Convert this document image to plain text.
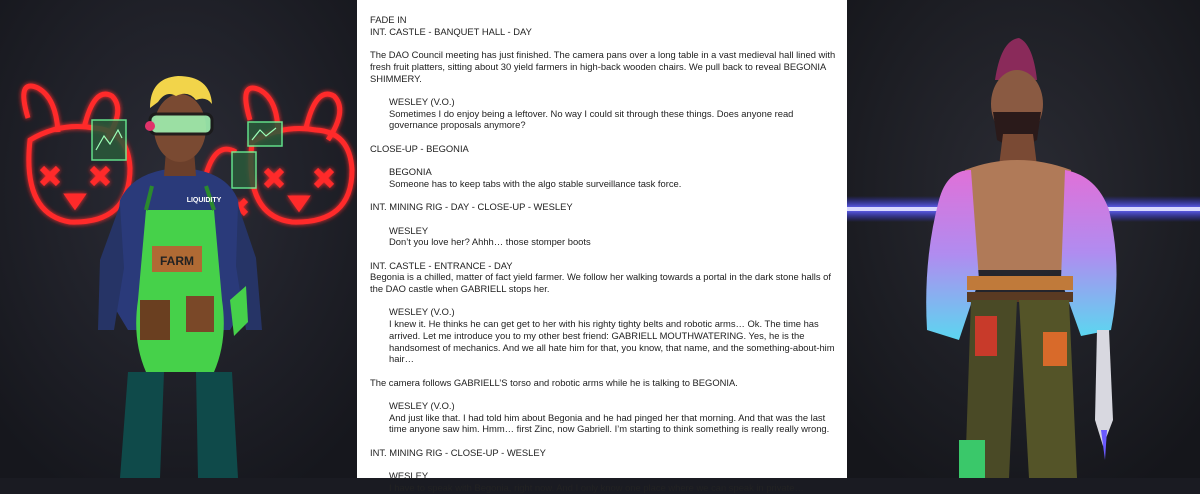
FARM
LIQUIDITY
FADE IN
INT. CASTLE - BANQUET HALL - DAY
The DAO Council meeting has just finished. The camera pans over a long table in a vast medieval hall lined with fresh fruit platters, sitting about 30 yield farmers in high-back wooden chairs. We pull back to reveal BEGONIA SHIMMERY.
WESLEY (V.O.)
Sometimes I do enjoy being a leftover. No way I could sit through these things. Does anyone read governance proposals anymore?
CLOSE-UP - BEGONIA
BEGONIA
Someone has to keep tabs with the algo stable surveillance task force.
INT. MINING RIG - DAY - CLOSE-UP - WESLEY
WESLEY
Don’t you love her? Ahhh… those stomper boots
INT. CASTLE - ENTRANCE - DAY
Begonia is a chilled, matter of fact yield farmer. We follow her walking towards a portal in the dark stone halls of the DAO castle when GABRIELL stops her.
WESLEY (V.O.)
I knew it. He thinks he can get get to her with his righty tighty belts and robotic arms… Ok. The time has arrived. Let me introduce you to my other best friend: GABRIELL MOUTHWATERING. Yes, he is the handsomest of mechanics. And we all hate him for that, you know, that name, and the something-about-him hair…
The camera follows GABRIELL’S torso and robotic arms while he is talking to BEGONIA.
WESLEY (V.O.)
And just like that. I had told him about Begonia and he had pinged her that morning. And that was the last time anyone saw him. Hmm… first Zinc, now Gabriell. I’m starting to think something is really really wrong.
INT. MINING RIG - CLOSE-UP - WESLEY
WESLEY
I have to speak with Begonia, right now. And I only know one place where we can speak in private…
